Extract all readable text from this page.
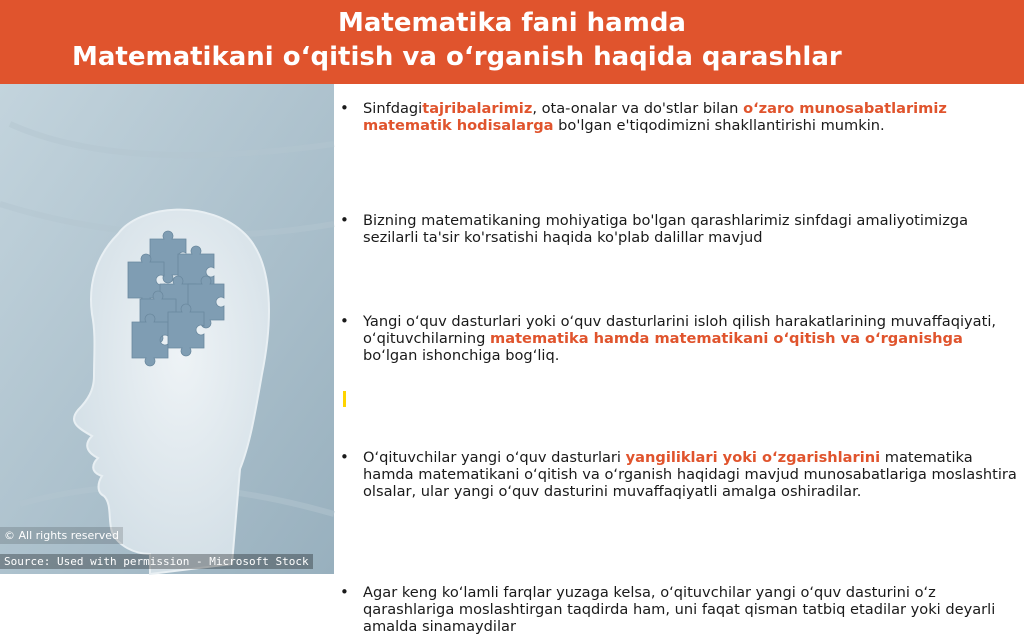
Matematika fani hamda
Matematikani o‘qitish va o‘rganish haqida qarashlar
© All rights reserved
Source: Used with permission - Microsoft Stock
• Sinfdagitajribalarimiz, ota-onalar va do'stlar bilan o‘zaro munosabatlarimiz matematik hodisalarga bo'lgan e'tiqodimizni shakllantirishi mumkin.
• Bizning matematikaning mohiyatiga bo'lgan qarashlarimiz sinfdagi amaliyotimizga sezilarli ta'sir ko'rsatishi haqida ko'plab dalillar mavjud
• Yangi o‘quv dasturlari yoki o‘quv dasturlarini isloh qilish harakatlarining muvaffaqiyati, o‘qituvchilarning matematika hamda matematikani o‘qitish va o‘rganishga bo‘lgan ishonchiga bog‘liq.
• O‘qituvchilar yangi o‘quv dasturlari yangiliklari yoki o‘zgarishlarini matematika hamda matematikani o‘qitish va o‘rganish haqidagi mavjud munosabatlariga moslashtira olsalar, ular yangi o‘quv dasturini muvaffaqiyatli amalga oshiradilar.
• Agar keng ko‘lamli farqlar yuzaga kelsa, o‘qituvchilar yangi o‘quv dasturini o‘z qarashlariga moslashtirgan taqdirda ham, uni faqat qisman tatbiq etadilar yoki deyarli amalda sinamaydilar
